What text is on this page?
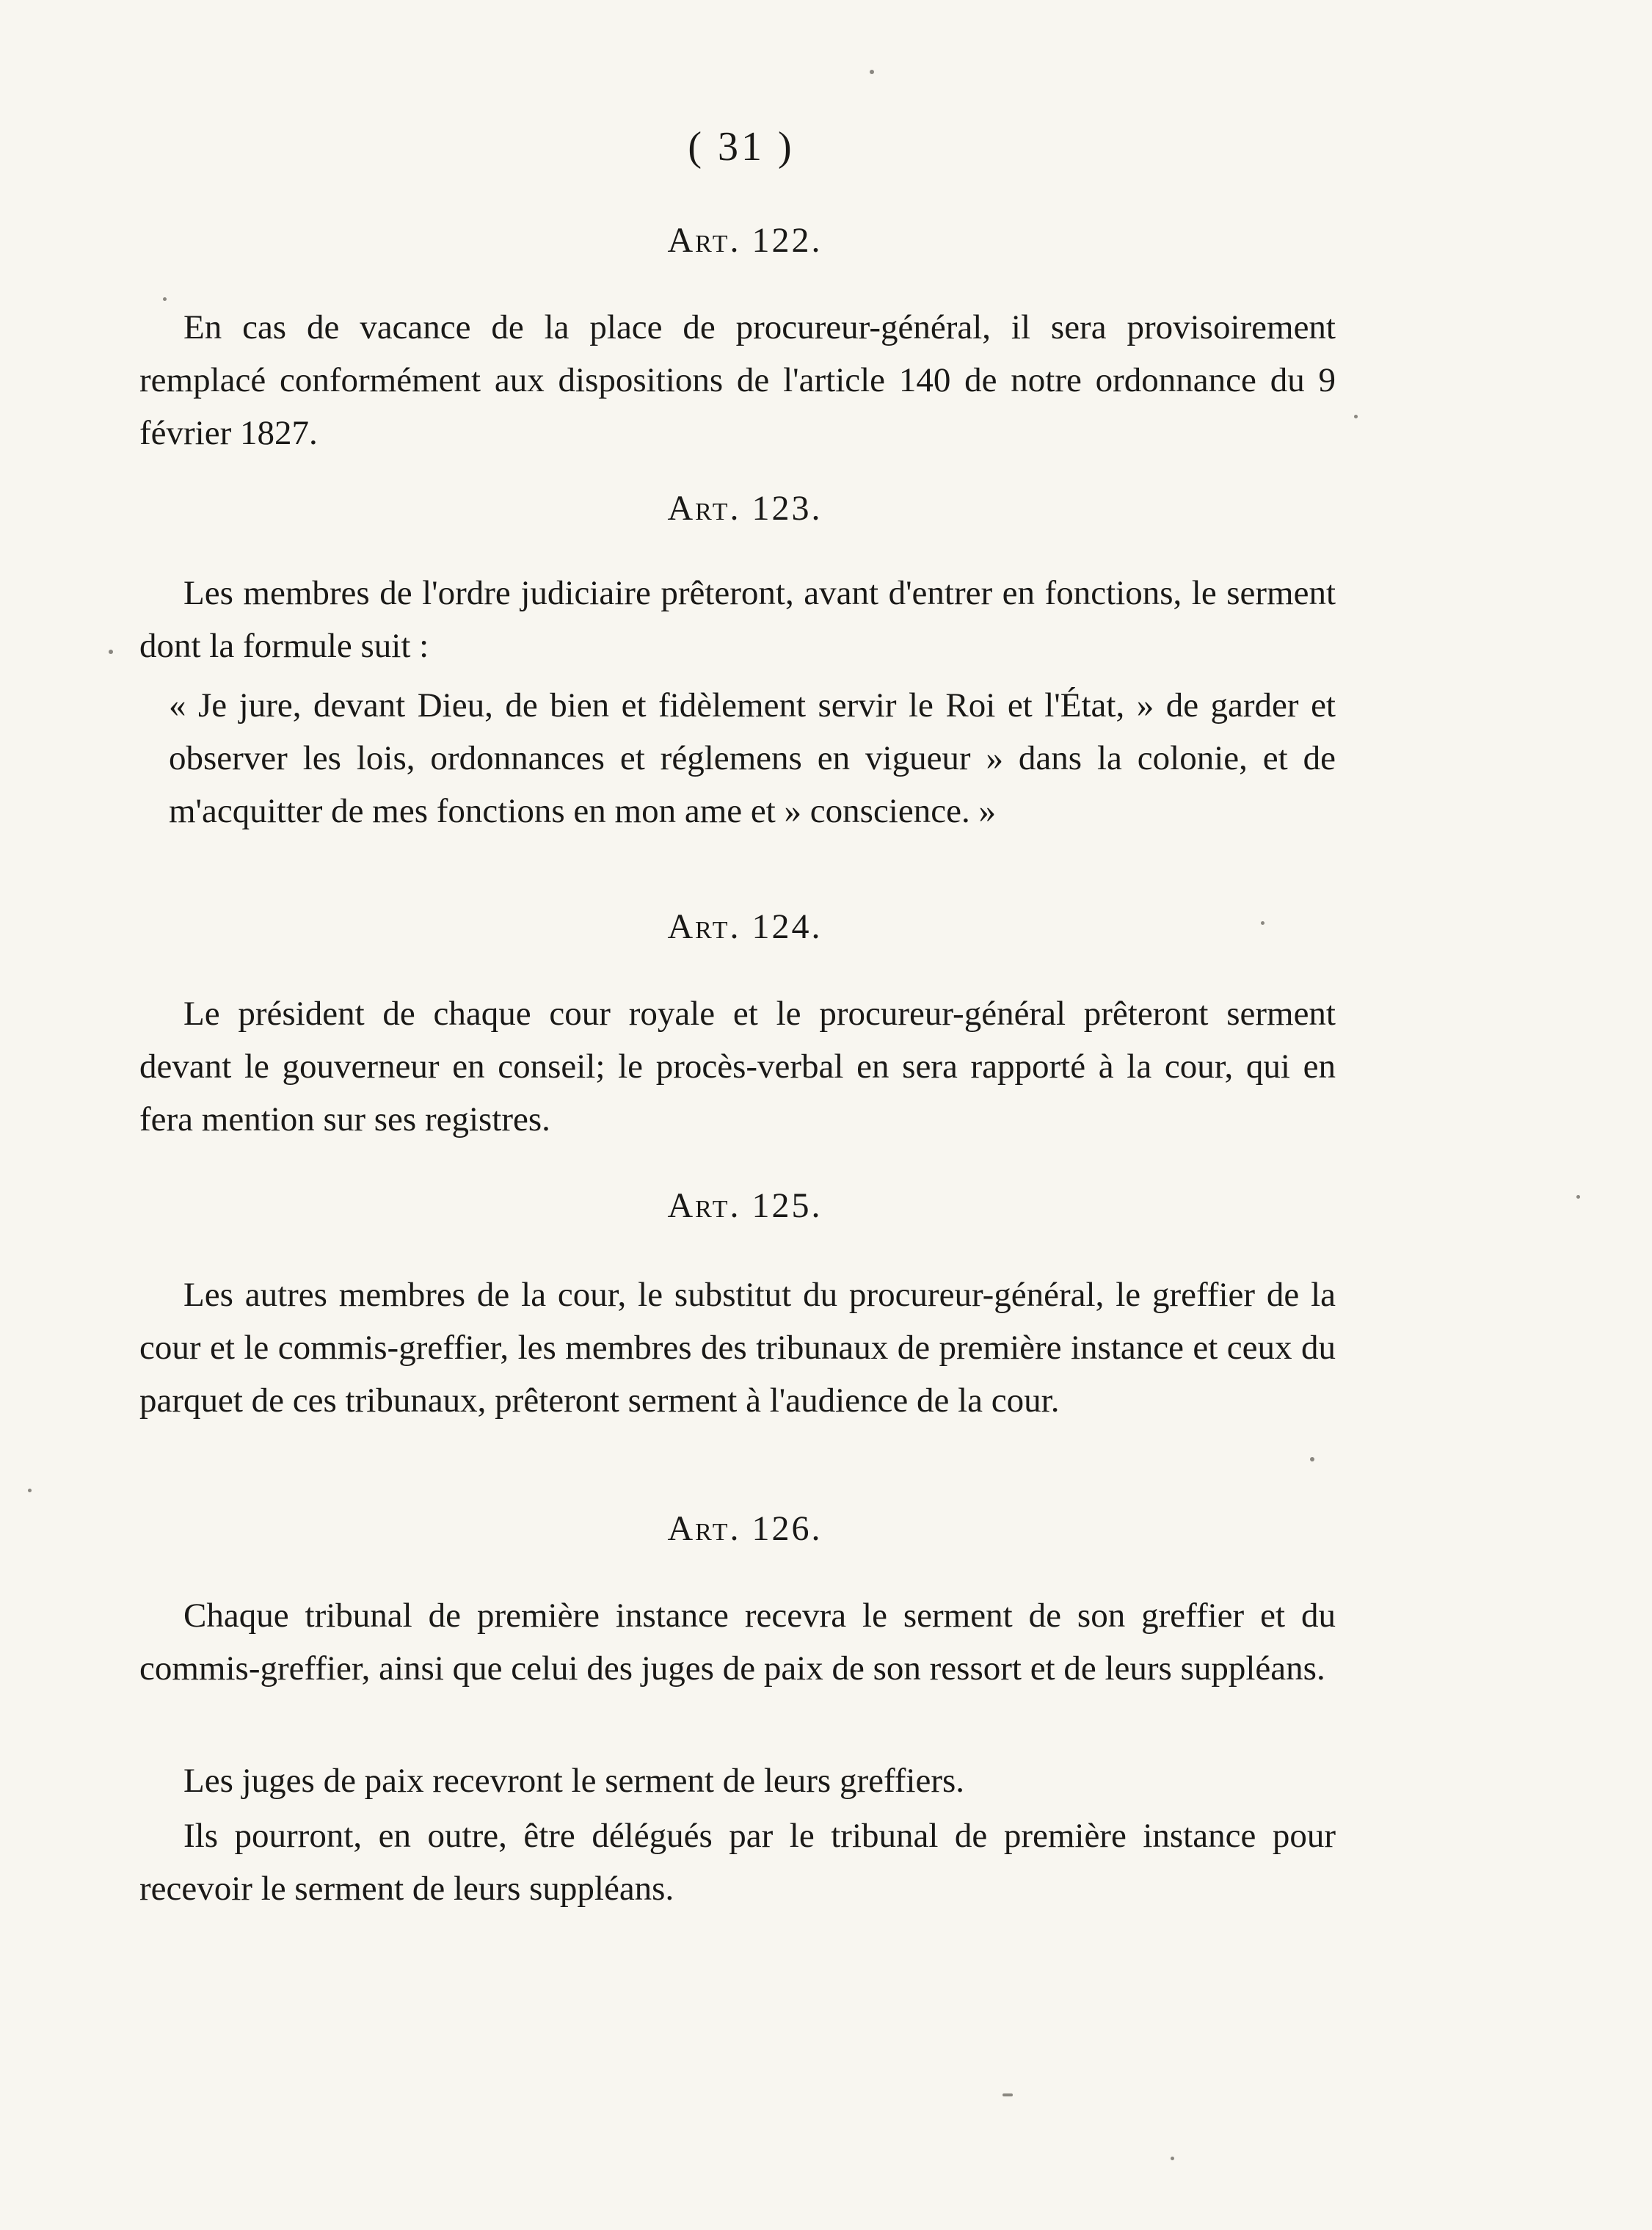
( 31 )
Art. 122.
En cas de vacance de la place de procureur-général, il sera provisoirement remplacé conformément aux dispositions de l'article 140 de notre ordonnance du 9 février 1827.
Art. 123.
Les membres de l'ordre judiciaire prêteront, avant d'entrer en fonctions, le serment dont la formule suit :
« Je jure, devant Dieu, de bien et fidèlement servir le Roi et l'État, » de garder et observer les lois, ordonnances et réglemens en vigueur » dans la colonie, et de m'acquitter de mes fonctions en mon ame et » conscience. »
Art. 124.
Le président de chaque cour royale et le procureur-général prêteront serment devant le gouverneur en conseil; le procès-verbal en sera rapporté à la cour, qui en fera mention sur ses registres.
Art. 125.
Les autres membres de la cour, le substitut du procureur-général, le greffier de la cour et le commis-greffier, les membres des tribunaux de première instance et ceux du parquet de ces tribunaux, prêteront serment à l'audience de la cour.
Art. 126.
Chaque tribunal de première instance recevra le serment de son greffier et du commis-greffier, ainsi que celui des juges de paix de son ressort et de leurs suppléans.
Les juges de paix recevront le serment de leurs greffiers.
Ils pourront, en outre, être délégués par le tribunal de première instance pour recevoir le serment de leurs suppléans.
